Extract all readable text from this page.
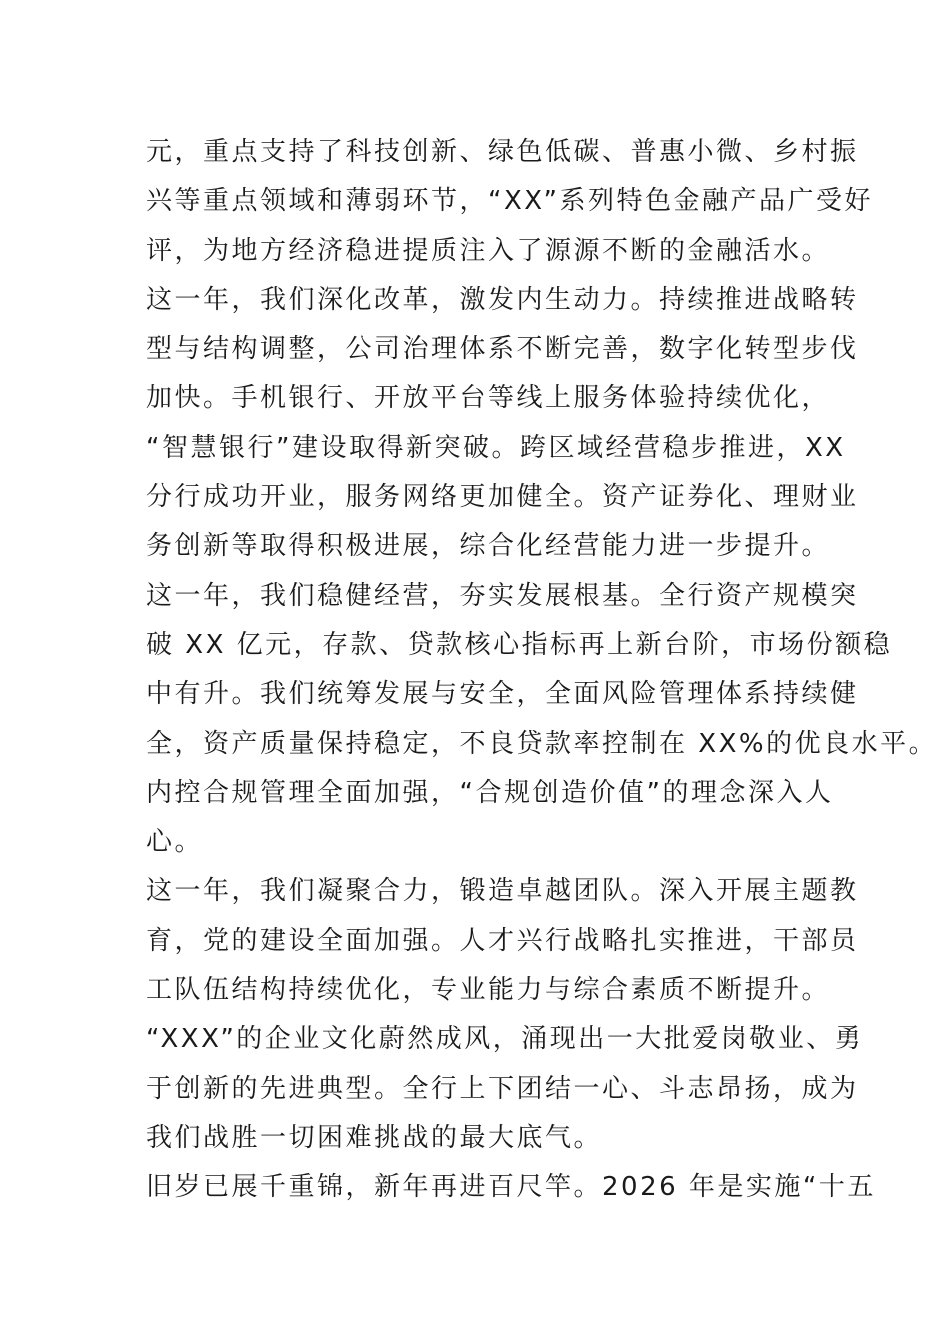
元，重点支持了科技创新、绿色低碳、普惠小微、乡村振
兴等重点领域和薄弱环节，“XX”系列特色金融产品广受好
评，为地方经济稳进提质注入了源源不断的金融活水。
这一年，我们深化改革，激发内生动力。持续推进战略转
型与结构调整，公司治理体系不断完善，数字化转型步伐
加快。手机银行、开放平台等线上服务体验持续优化，
“智慧银行”建设取得新突破。跨区域经营稳步推进，XX
分行成功开业，服务网络更加健全。资产证券化、理财业
务创新等取得积极进展，综合化经营能力进一步提升。
这一年，我们稳健经营，夯实发展根基。全行资产规模突
破 XX 亿元，存款、贷款核心指标再上新台阶，市场份额稳
中有升。我们统筹发展与安全，全面风险管理体系持续健
全，资产质量保持稳定，不良贷款率控制在 XX%的优良水平。
内控合规管理全面加强，“合规创造价值”的理念深入人
心。
这一年，我们凝聚合力，锻造卓越团队。深入开展主题教
育，党的建设全面加强。人才兴行战略扎实推进，干部员
工队伍结构持续优化，专业能力与综合素质不断提升。
“XXX”的企业文化蔚然成风，涌现出一大批爱岗敬业、勇
于创新的先进典型。全行上下团结一心、斗志昂扬，成为
我们战胜一切困难挑战的最大底气。
旧岁已展千重锦，新年再进百尺竿。2026 年是实施“十五
